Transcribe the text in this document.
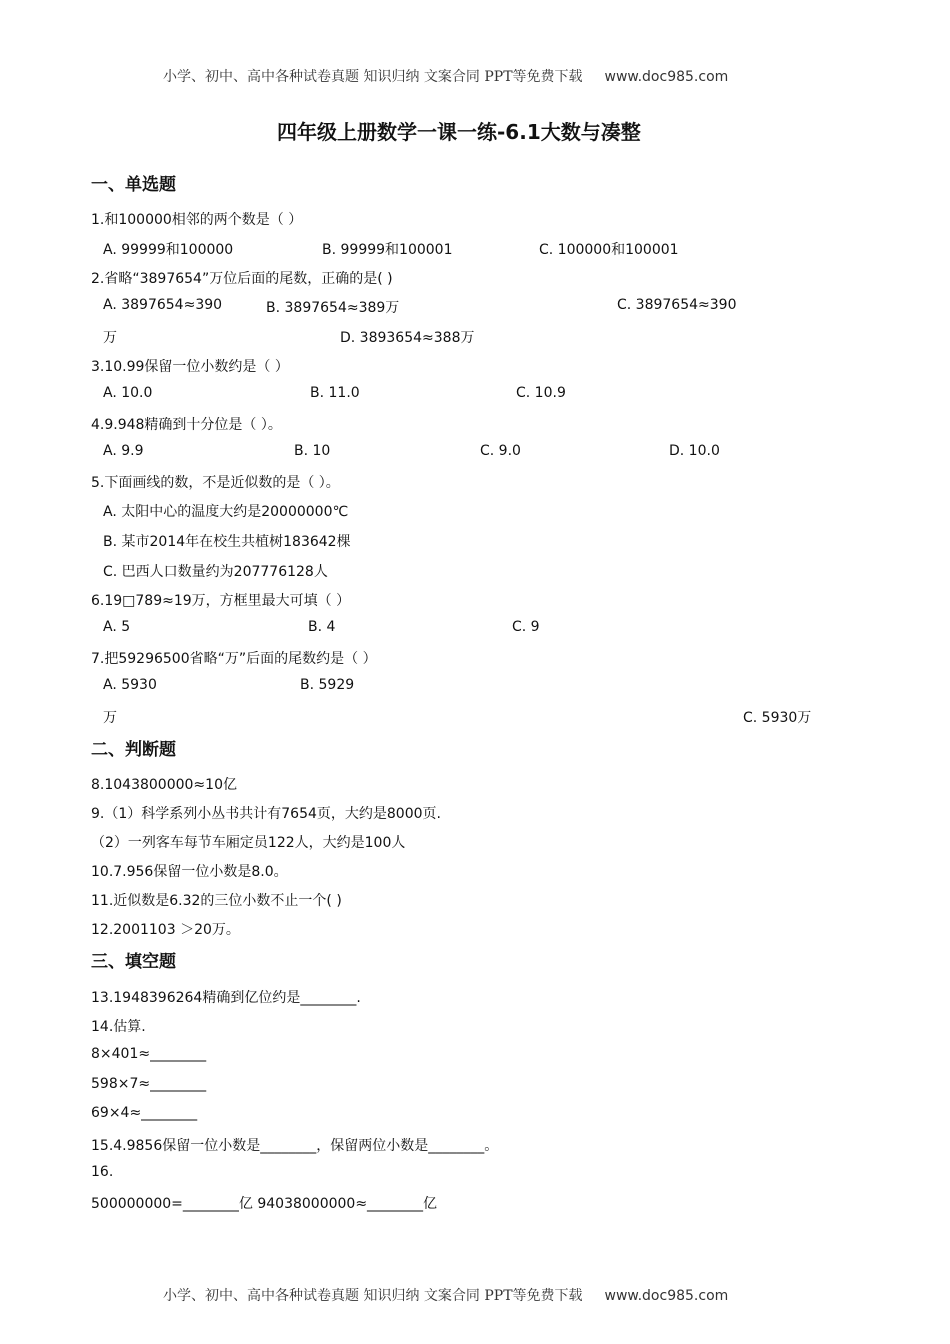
小学、初中、高中各种试卷真题 知识归纳 文案合同 PPT等免费下载 www.doc985.com
四年级上册数学一课一练-6.1大数与凑整
一、单选题
1.和100000相邻的两个数是（ ）
A. 99999和100000	B. 99999和100001	C. 100000和100001
2.省略“3897654”万位后面的尾数，正确的是( )
A. 3897654≈390	B. 3897654≈389万	C. 3897654≈390
万	D. 3893654≈388万
3.10.99保留一位小数约是（ ）
A. 10.0	B. 11.0	C. 10.9
4.9.948精确到十分位是（ ）。
A. 9.9	B. 10	C. 9.0	D. 10.0
5.下面画线的数，不是近似数的是（ ）。
A. 太阳中心的温度大约是20000000℃
B. 某市2014年在校生共植树183642棵
C. 巴西人口数量约为207776128人
6.19□789≈19万，方框里最大可填（ ）
A. 5	B. 4	C. 9
7.把59296500省略“万”后面的尾数约是（ ）
A. 5930	B. 5929
万	C. 5930万
二、判断题
8.1043800000≈10亿
9.（1）科学系列小丛书共计有7654页，大约是8000页.
（2）一列客车每节车厢定员122人，大约是100人
10.7.956保留一位小数是8.0。
11.近似数是6.32的三位小数不止一个( )
12.2001103 ＞20万。
三、填空题
13.1948396264精确到亿位约是________.
14.估算.
8×401≈________
598×7≈________
69×4≈________
15.4.9856保留一位小数是________，保留两位小数是________。
16.
500000000=________亿 94038000000≈________亿
小学、初中、高中各种试卷真题 知识归纳 文案合同 PPT等免费下载 www.doc985.com
